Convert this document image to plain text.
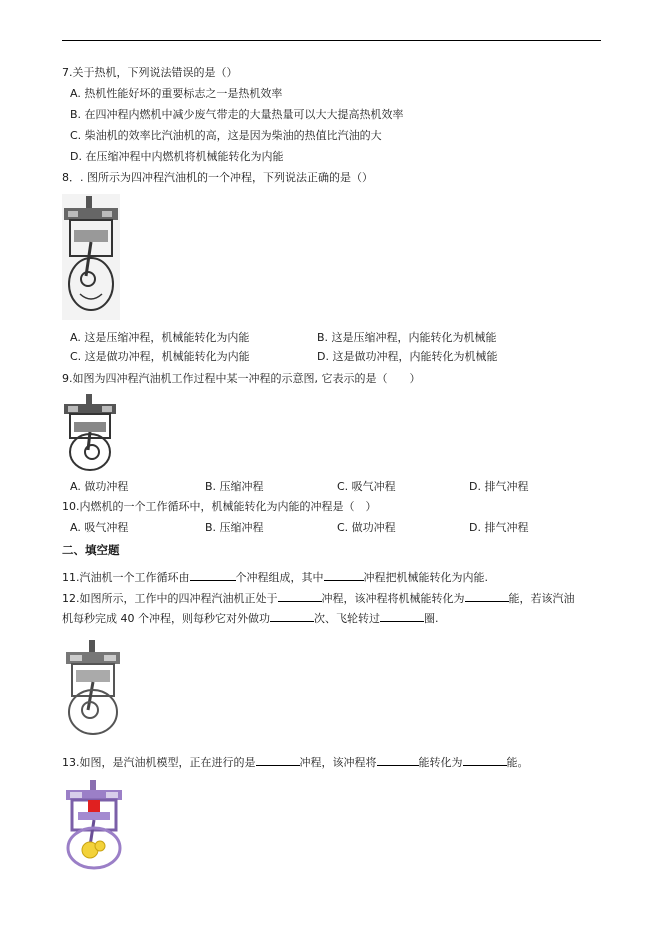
7.关于热机，下列说法错误的是（）
A. 热机性能好坏的重要标志之一是热机效率
B. 在四冲程内燃机中减少废气带走的大量热量可以大大提高热机效率
C. 柴油机的效率比汽油机的高，这是因为柴油的热值比汽油的大
D. 在压缩冲程中内燃机将机械能转化为内能
8．. 图所示为四冲程汽油机的一个冲程，下列说法正确的是（）
A. 这是压缩冲程，机械能转化为内能	B. 这是压缩冲程，内能转化为机械能
C. 这是做功冲程，机械能转化为内能	D. 这是做功冲程，内能转化为机械能
9.如图为四冲程汽油机工作过程中某一冲程的示意图, 它表示的是（　　）
A. 做功冲程	B. 压缩冲程	C. 吸气冲程	D. 排气冲程
10.内燃机的一个工作循环中，机械能转化为内能的冲程是（　）
A. 吸气冲程	B. 压缩冲程	C. 做功冲程	D. 排气冲程
二、填空题
11.汽油机一个工作循环由	个冲程组成，其中	冲程把机械能转化为内能.
12.如图所示，工作中的四冲程汽油机正处于	冲程，该冲程将机械能转化为	能，若该汽油
机每秒完成 40 个冲程，则每秒它对外做功	次、飞轮转过	圈.
13.如图，是汽油机模型，正在进行的是	冲程，该冲程将	能转化为	能。
